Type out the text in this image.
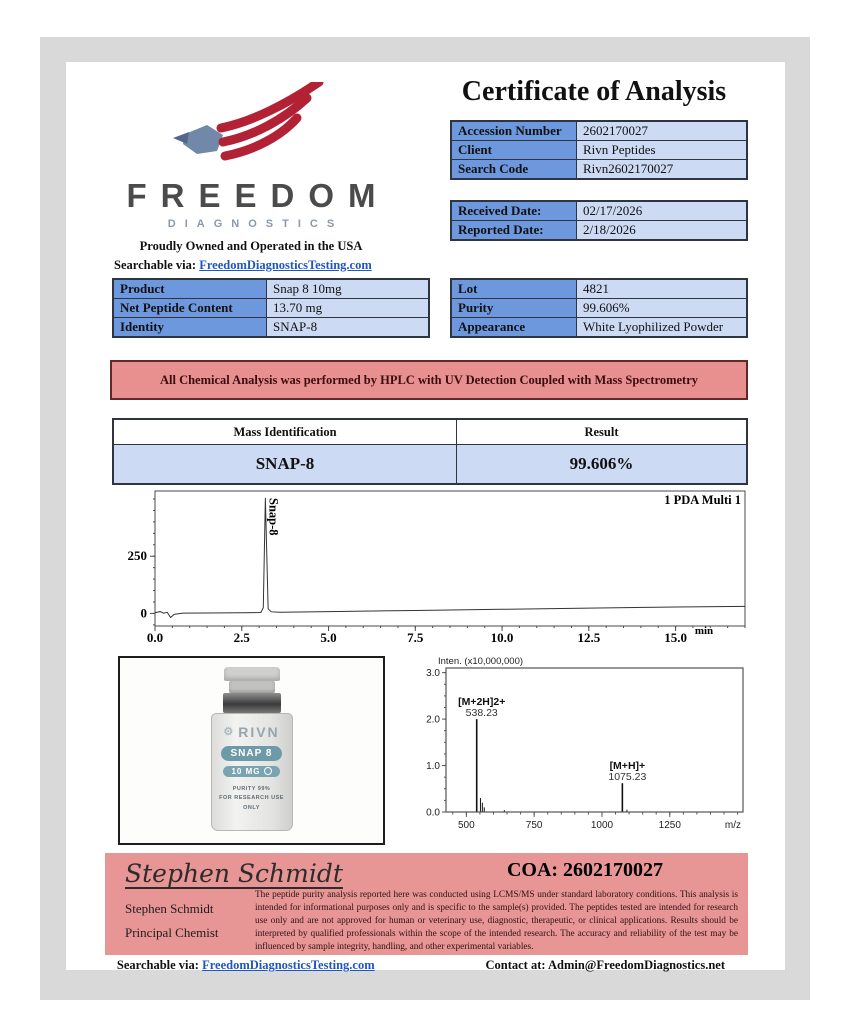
FREEDOM
DIAGNOSTICS
Proudly Owned and Operated in the USA
Searchable via: FreedomDiagnosticsTesting.com
Certificate of Analysis
Accession Number	2602170027
Client	Rivn Peptides
Search Code	Rivn2602170027
Received Date:	02/17/2026
Reported Date:	2/18/2026
Product	Snap 8 10mg
Net Peptide Content	13.70 mg
Identity	SNAP-8
Lot	4821
Purity	99.606%
Appearance	White Lyophilized Powder
All Chemical Analysis was performed by HPLC with UV Detection Coupled with Mass Spectrometry
Mass Identification	Result
SNAP-8	99.606%
0
250
0.0	2.5	5.0	7.5	10.0	12.5	15.0 min
1 PDA Multi 1
Snap-8
⚙ RIVN
SNAP 8
10 MG
PURITY 99%
FOR RESEARCH USE ONLY	0.0
1.0
2.0
3.0
500	750	1000	1250	m/z
Inten. (x10,000,000)
[M+2H]2+
538.23
[M+H]+
1075.23
Stephen Schmidt
Stephen Schmidt
Principal Chemist
COA: 2602170027
The peptide purity analysis reported here was conducted using LCMS/MS under standard laboratory conditions. This analysis is intended for informational purposes only and is specific to the sample(s) provided. The peptides tested are intended for research use only and are not approved for human or veterinary use, diagnostic, therapeutic, or clinical applications. Results should be interpreted by qualified professionals within the scope of the intended research. The accuracy and reliability of the test may be influenced by sample integrity, handling, and other experimental variables.
Searchable via: FreedomDiagnosticsTesting.com	Contact at: Admin@FreedomDiagnostics.net
